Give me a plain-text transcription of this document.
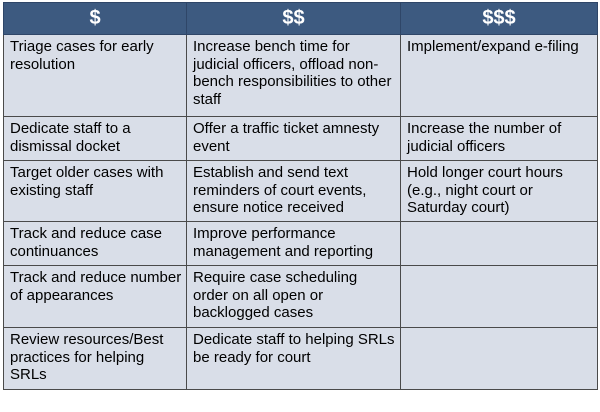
$	$$	$$$
Triage cases for early resolution	Increase bench time for judicial officers, offload non-bench responsibilities to other staff	Implement/expand e-filing
Dedicate staff to a dismissal docket	Offer a traffic ticket amnesty event	Increase the number of judicial officers
Target older cases with existing staff	Establish and send text reminders of court events, ensure notice received	Hold longer court hours (e.g., night court or Saturday court)
Track and reduce case continuances	Improve performance management and reporting	
Track and reduce number of appearances	Require case scheduling order on all open or backlogged cases	
Review resources/Best practices for helping SRLs	Dedicate staff to helping SRLs be ready for court	
